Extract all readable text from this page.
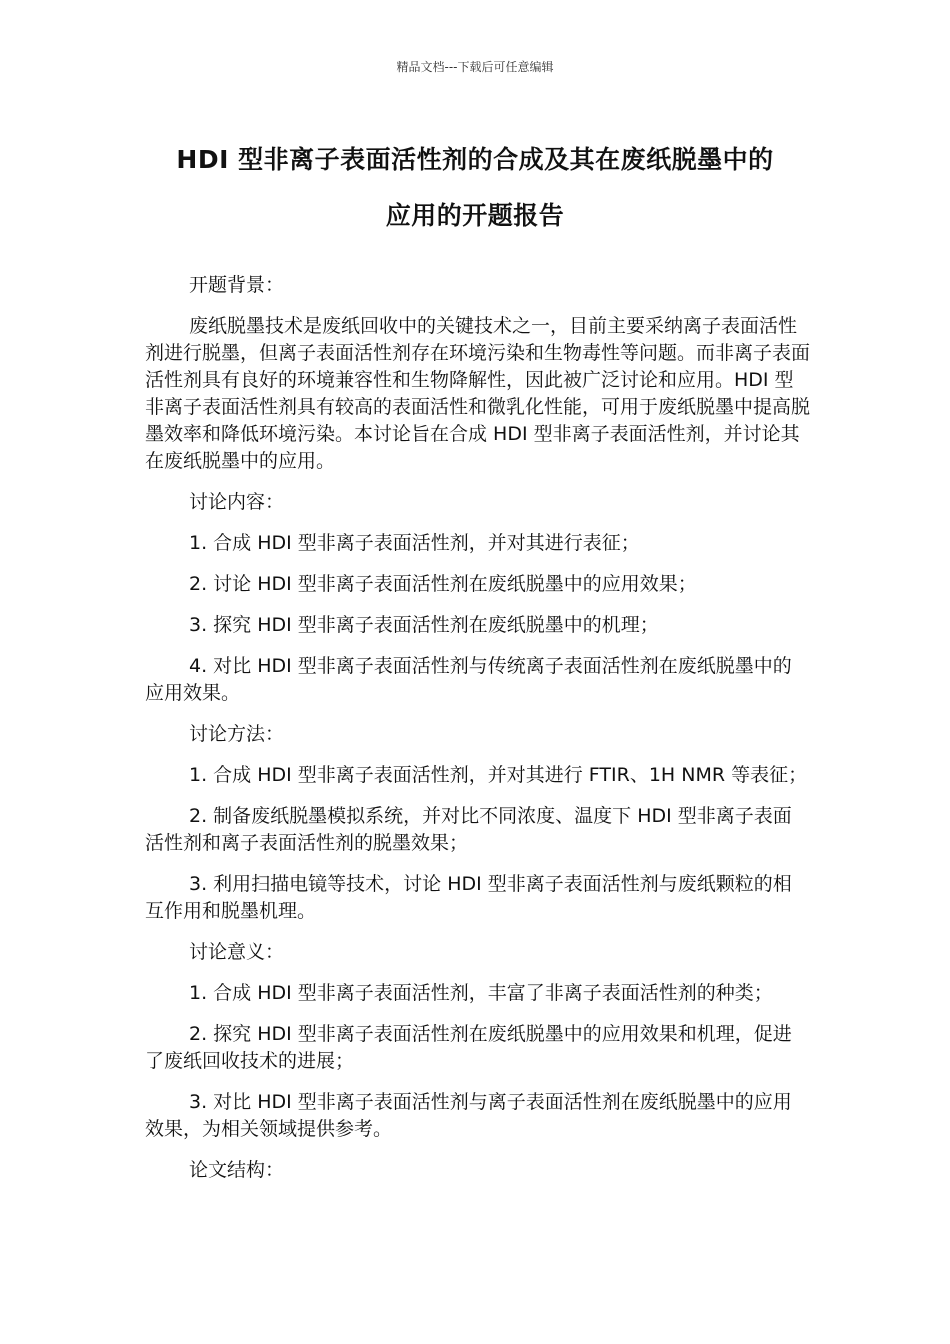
精品文档---下载后可任意编辑
HDI 型非离子表面活性剂的合成及其在废纸脱墨中的
应用的开题报告

开题背景：

废纸脱墨技术是废纸回收中的关键技术之一，目前主要采纳离子表面活性剂进行脱墨，但离子表面活性剂存在环境污染和生物毒性等问题。而非离子表面活性剂具有良好的环境兼容性和生物降解性，因此被广泛讨论和应用。HDI 型非离子表面活性剂具有较高的表面活性和微乳化性能，可用于废纸脱墨中提高脱墨效率和降低环境污染。本讨论旨在合成 HDI 型非离子表面活性剂，并讨论其在废纸脱墨中的应用。

讨论内容：

1. 合成 HDI 型非离子表面活性剂，并对其进行表征；

2. 讨论 HDI 型非离子表面活性剂在废纸脱墨中的应用效果；

3. 探究 HDI 型非离子表面活性剂在废纸脱墨中的机理；

4. 对比 HDI 型非离子表面活性剂与传统离子表面活性剂在废纸脱墨中的应用效果。

讨论方法：

1. 合成 HDI 型非离子表面活性剂，并对其进行 FTIR、1H NMR 等表征；

2. 制备废纸脱墨模拟系统，并对比不同浓度、温度下 HDI 型非离子表面活性剂和离子表面活性剂的脱墨效果；

3. 利用扫描电镜等技术，讨论 HDI 型非离子表面活性剂与废纸颗粒的相互作用和脱墨机理。

讨论意义：

1. 合成 HDI 型非离子表面活性剂，丰富了非离子表面活性剂的种类；

2. 探究 HDI 型非离子表面活性剂在废纸脱墨中的应用效果和机理，促进了废纸回收技术的进展；

3. 对比 HDI 型非离子表面活性剂与离子表面活性剂在废纸脱墨中的应用效果，为相关领域提供参考。

论文结构：
